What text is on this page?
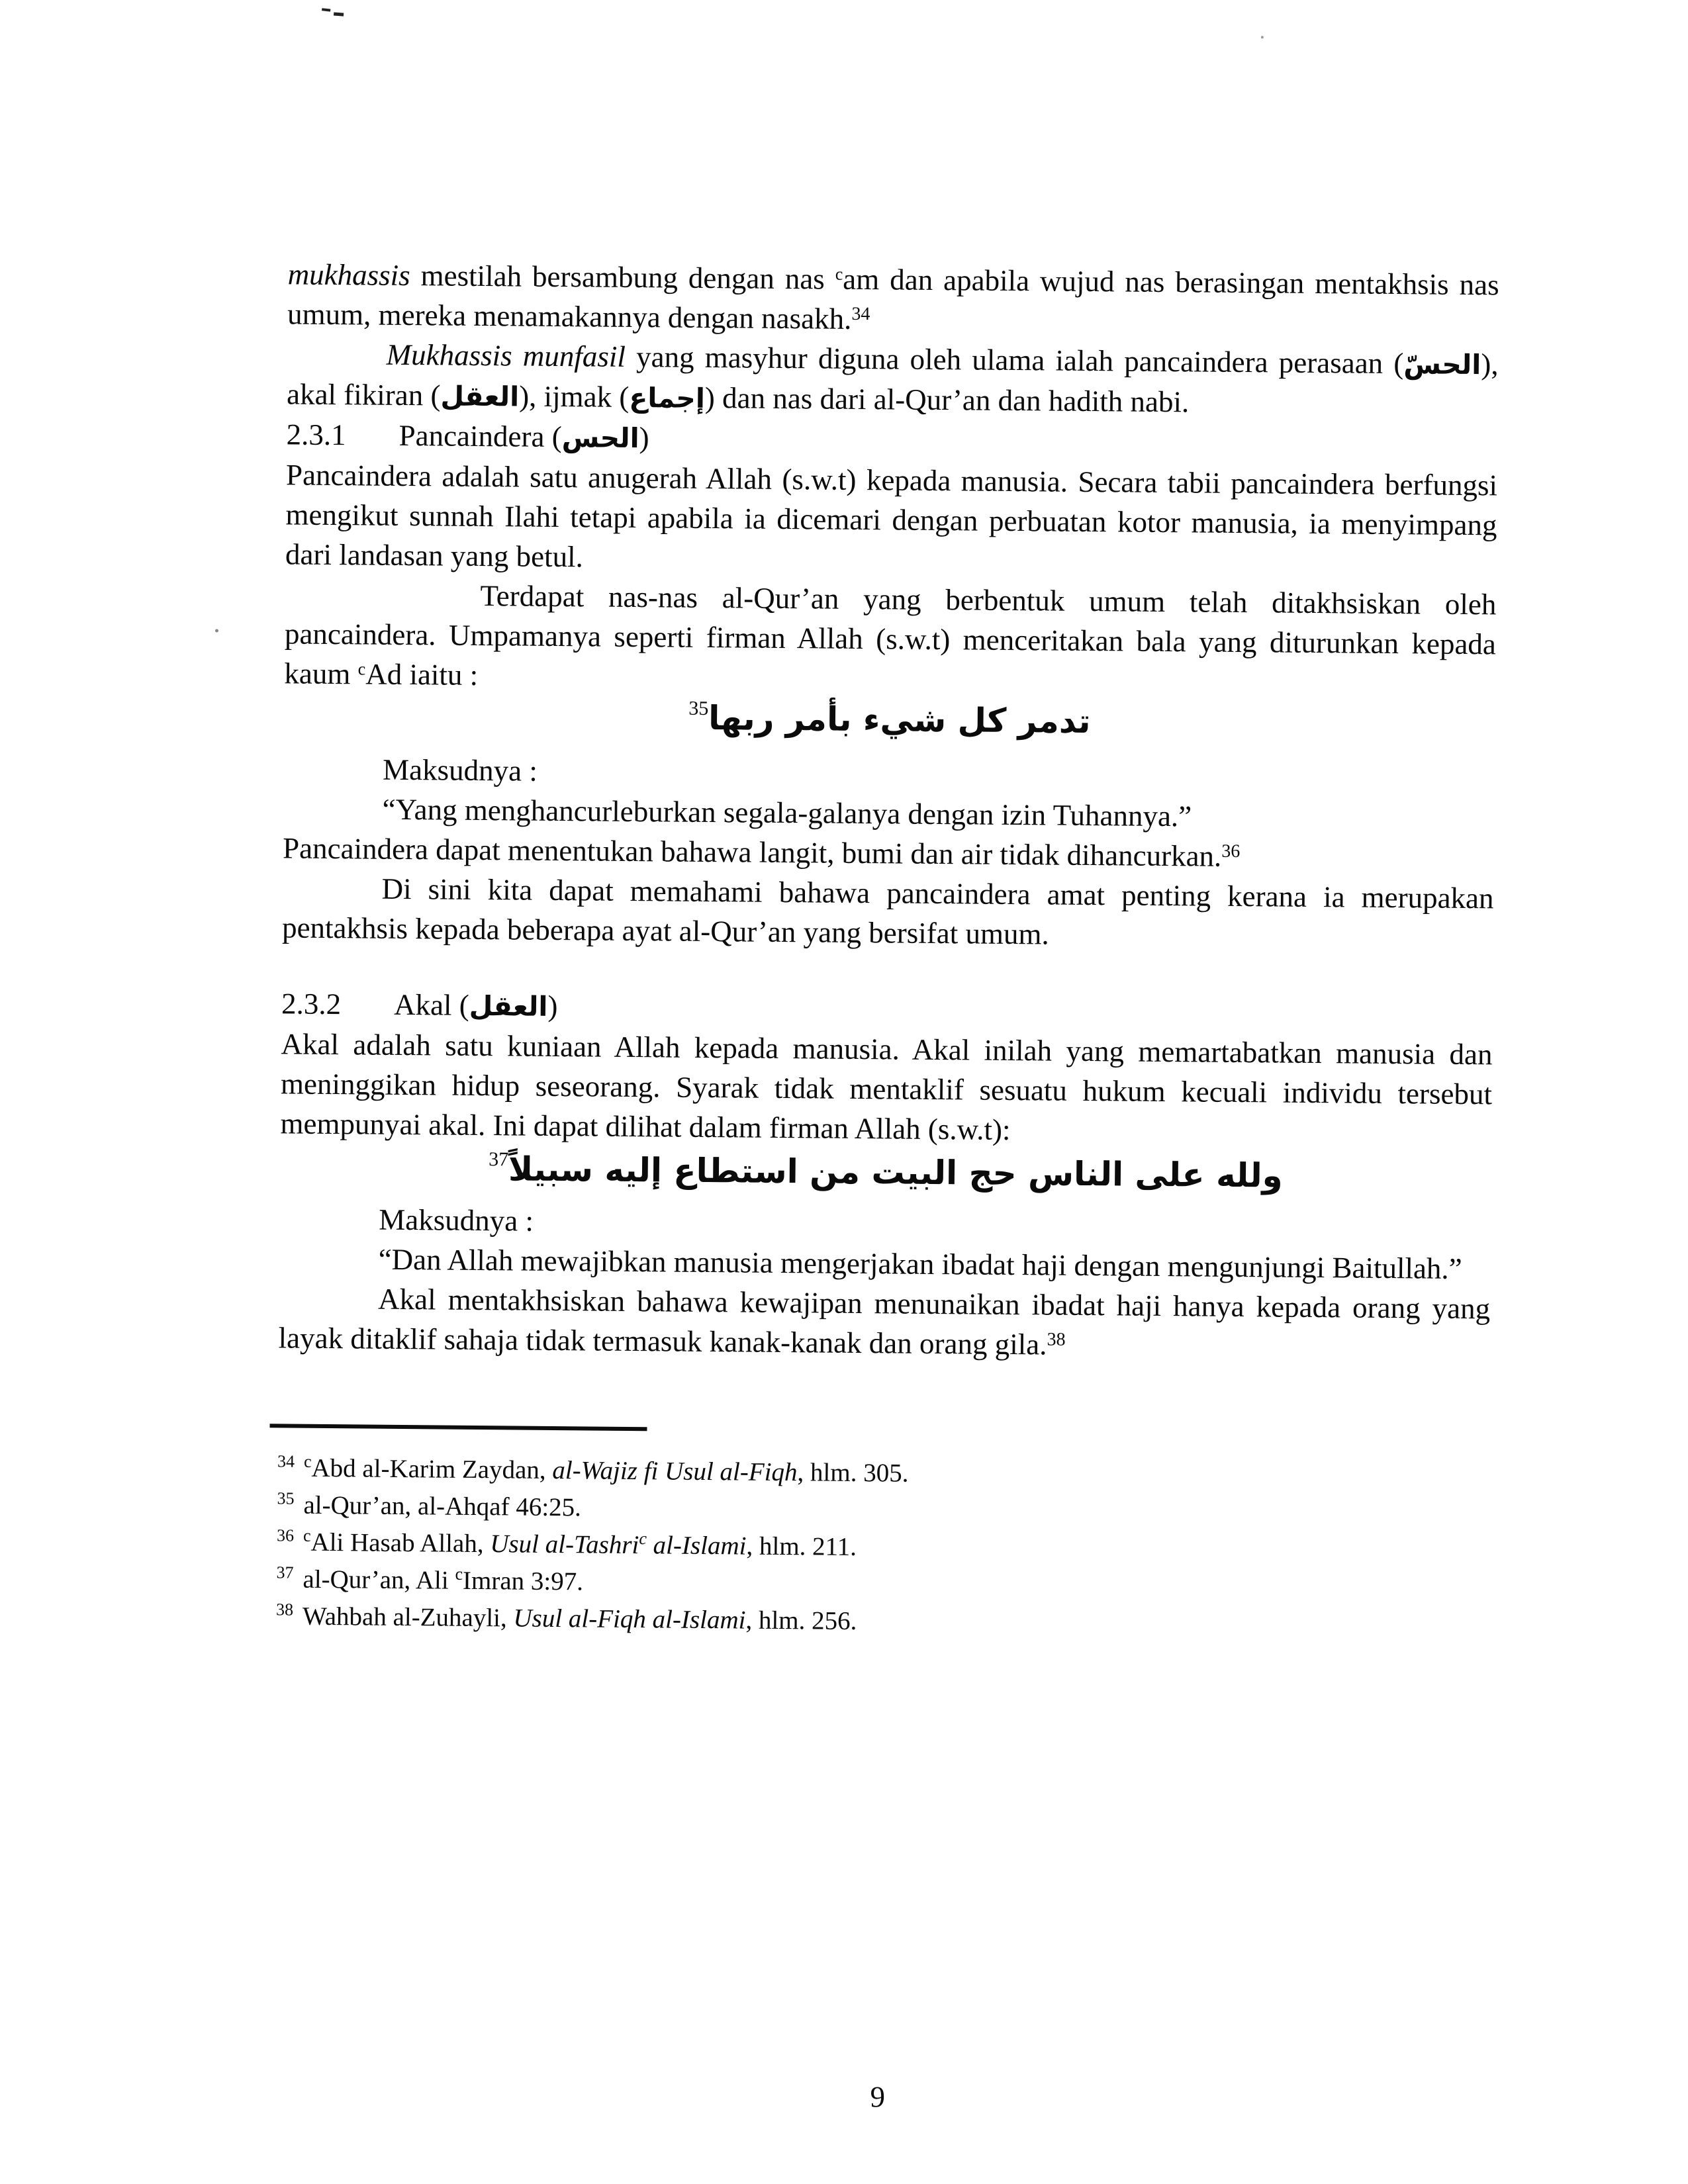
mukhassis mestilah bersambung dengan nas $^c$am dan apabila wujud nas berasingan mentakhsis nas umum, mereka menamakannya dengan nasakh.$^{34}$

Mukhassis munfasil yang masyhur diguna oleh ulama ialah pancaindera perasaan (الحسّ), akal fikiran (العقل), ijmak (إجماع) dan nas dari al-Qur’an dan hadith nabi.

2.3.1 Pancaindera (الحس)

Pancaindera adalah satu anugerah Allah (s.w.t) kepada manusia. Secara tabii pancaindera berfungsi mengikut sunnah Ilahi tetapi apabila ia dicemari dengan perbuatan kotor manusia, ia menyimpang dari landasan yang betul.

Terdapat nas-nas al-Qur’an yang berbentuk umum telah ditakhsiskan oleh pancaindera. Umpamanya seperti firman Allah (s.w.t) menceritakan bala yang diturunkan kepada kaum $^c$Ad iaitu :

تدمر كل شيء بأمر ربها$^{35}$
Maksudnya :
“Yang menghancurleburkan segala-galanya dengan izin Tuhannya.”

Pancaindera dapat menentukan bahawa langit, bumi dan air tidak dihancurkan.$^{36}$

Di sini kita dapat memahami bahawa pancaindera amat penting kerana ia merupakan pentakhsis kepada beberapa ayat al-Qur’an yang bersifat umum.

2.3.2 Akal (العقل)

Akal adalah satu kuniaan Allah kepada manusia. Akal inilah yang memartabatkan manusia dan meninggikan hidup seseorang. Syarak tidak mentaklif sesuatu hukum kecuali individu tersebut mempunyai akal. Ini dapat dilihat dalam firman Allah (s.w.t):

ولله على الناس حج البيت من استطاع إليه سبيلاً$^{37}$
Maksudnya :
“Dan Allah mewajibkan manusia mengerjakan ibadat haji dengan mengunjungi Baitullah.”

Akal mentakhsiskan bahawa kewajipan menunaikan ibadat haji hanya kepada orang yang layak ditaklif sahaja tidak termasuk kanak-kanak dan orang gila.$^{38}$

$^{34}$ $^c$Abd al-Karim Zaydan, al-Wajiz fi Usul al-Fiqh, hlm. 305.

$^{35}$ al-Qur’an, al-Ahqaf 46:25.

$^{36}$ $^c$Ali Hasab Allah, Usul al-Tashri$^c$ al-Islami, hlm. 211.

$^{37}$ al-Qur’an, Ali $^c$Imran 3:97.

$^{38}$ Wahbah al-Zuhayli, Usul al-Fiqh al-Islami, hlm. 256.

9
